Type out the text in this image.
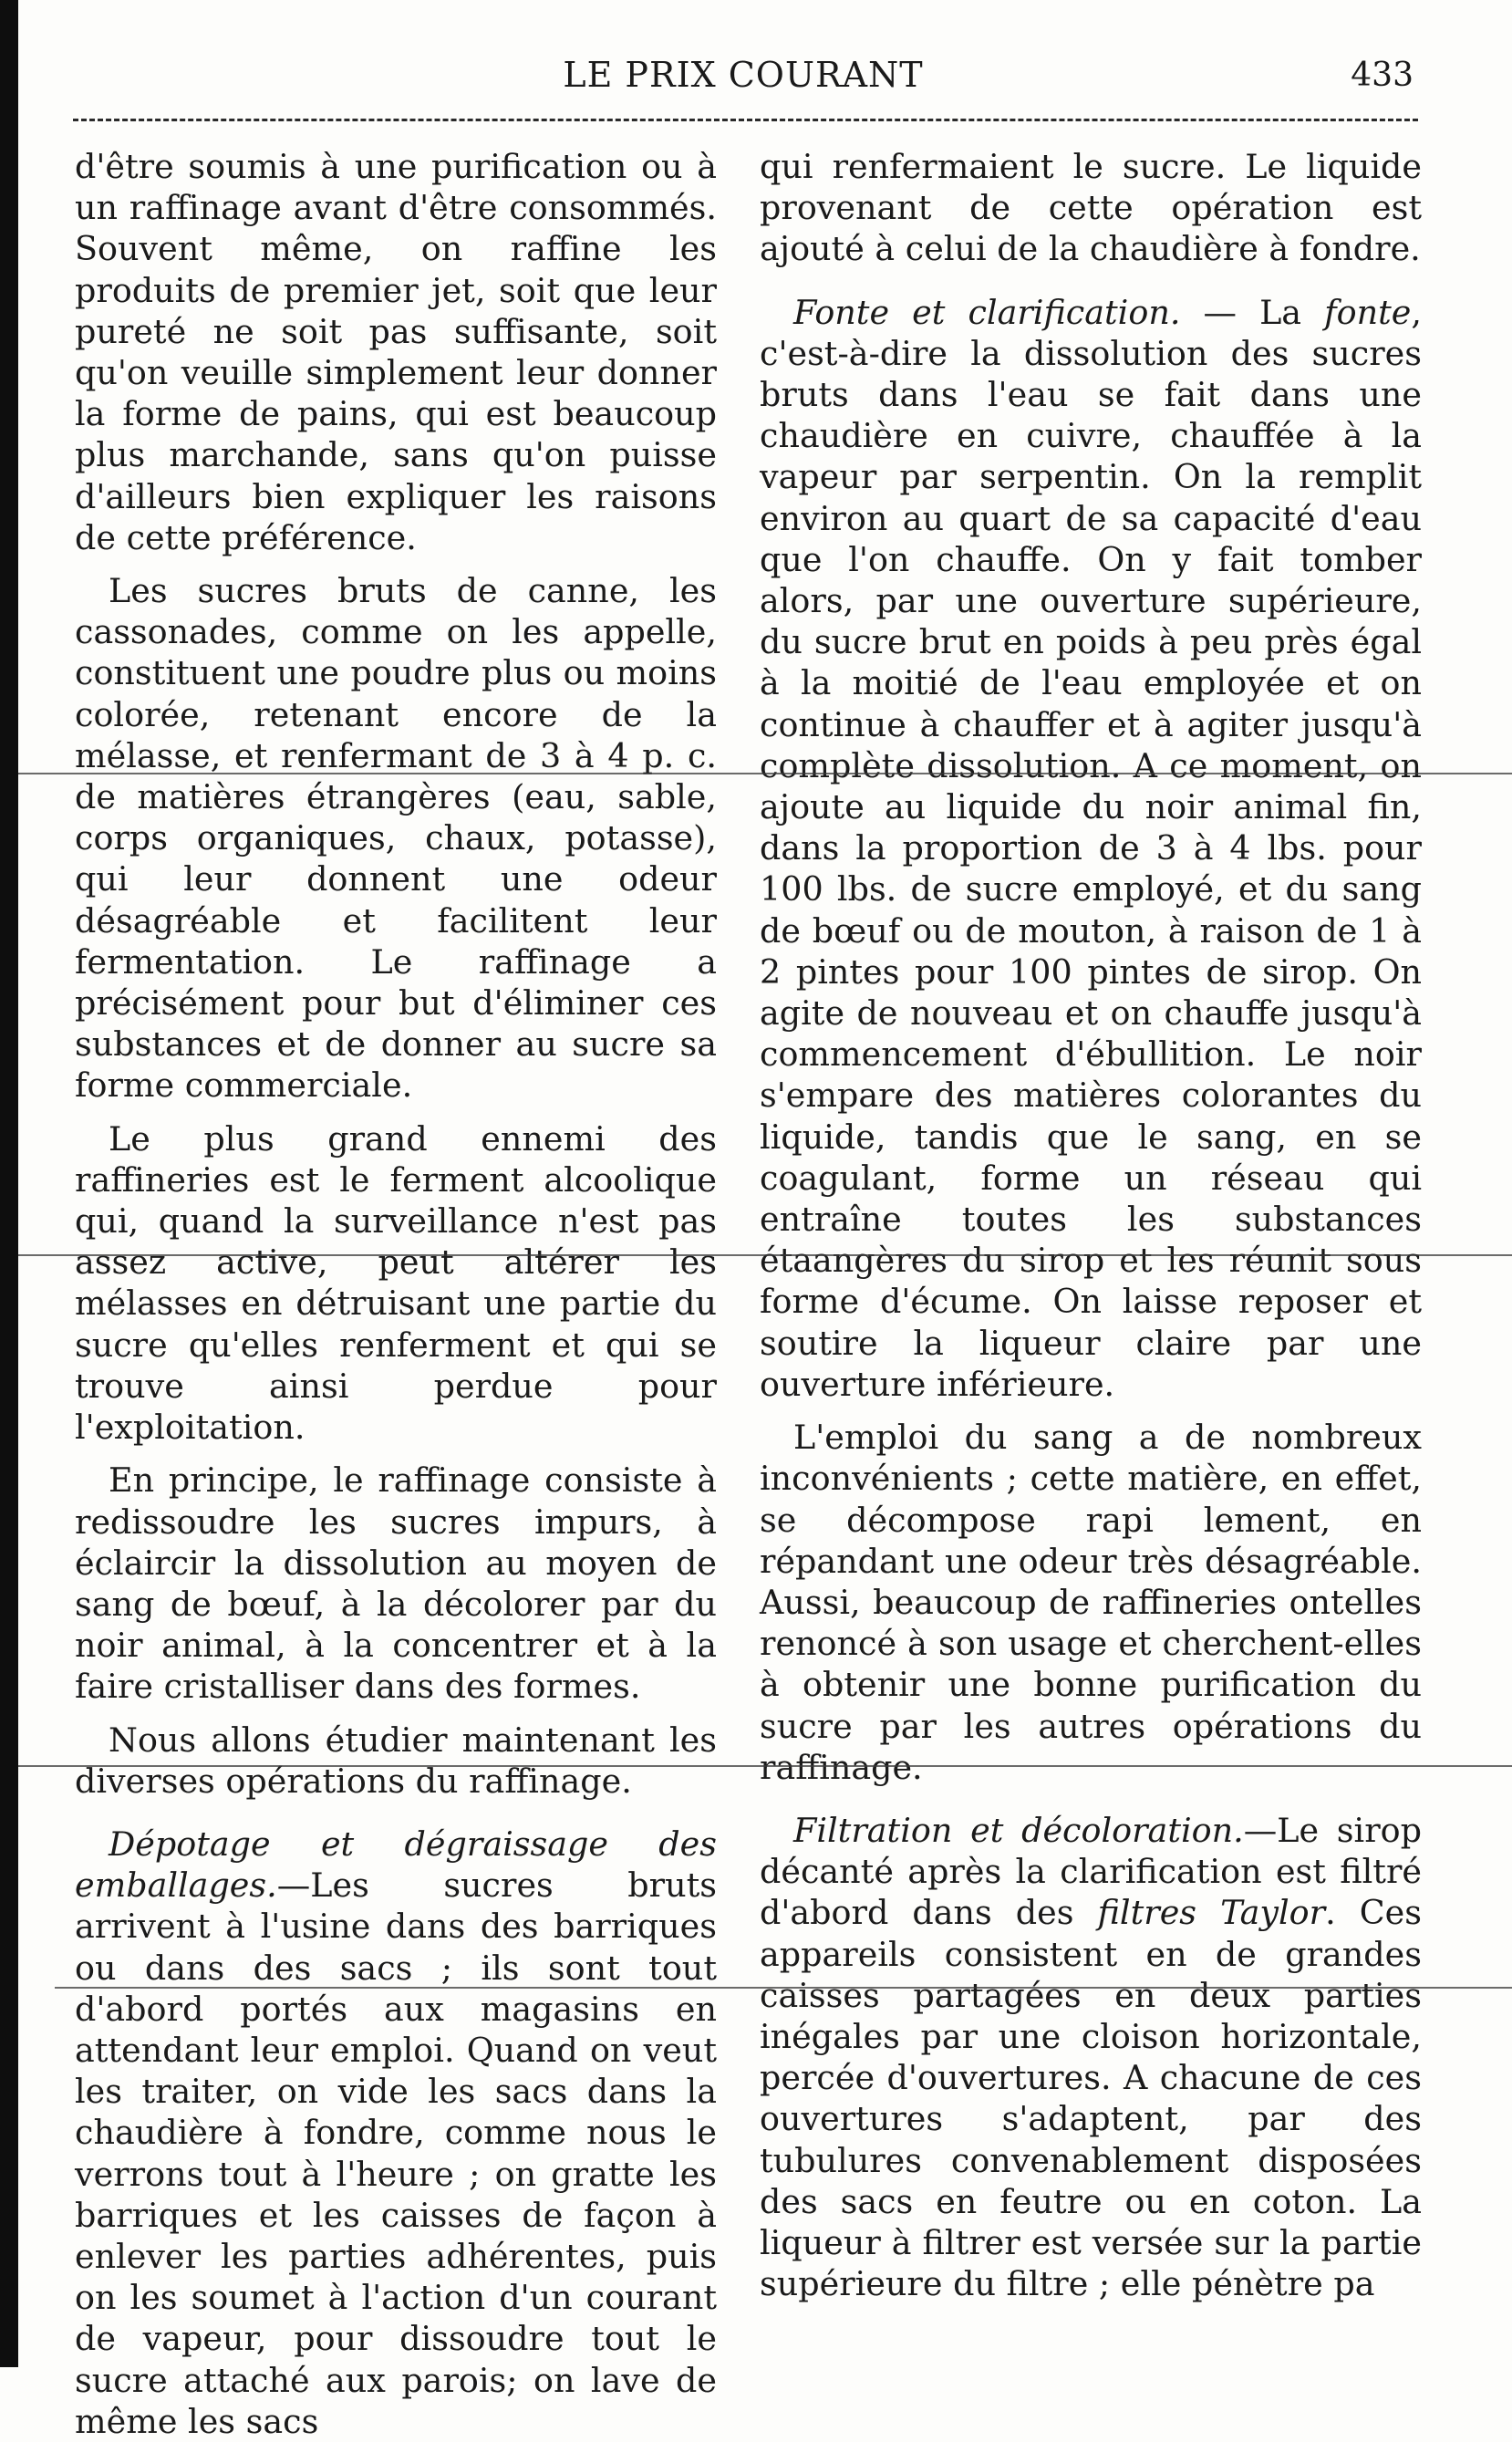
LE PRIX COURANT	433

d'être soumis à une purification ou à un raffinage avant d'être consommés. Souvent même, on raffine les produits de premier jet, soit que leur pureté ne soit pas suffisante, soit qu'on veuille simplement leur donner la forme de pains, qui est beaucoup plus marchande, sans qu'on puisse d'ailleurs bien expliquer les raisons de cette préférence.

Les sucres bruts de canne, les cassonades, comme on les appelle, constituent une poudre plus ou moins colorée, retenant encore de la mélasse, et renfermant de 3 à 4 p. c. de matières étrangères (eau, sable, corps organiques, chaux, potasse), qui leur donnent une odeur désagréable et facilitent leur fermentation. Le raffinage a précisément pour but d'éliminer ces substances et de donner au sucre sa forme commerciale.

Le plus grand ennemi des raffineries est le ferment alcoolique qui, quand la surveillance n'est pas assez active, peut altérer les mélasses en détruisant une partie du sucre qu'elles renferment et qui se trouve ainsi perdue pour l'exploitation.

En principe, le raffinage consiste à redissoudre les sucres impurs, à éclaircir la dissolution au moyen de sang de bœuf, à la décolorer par du noir animal, à la concentrer et à la faire cristalliser dans des formes.

Nous allons étudier maintenant les diverses opérations du raffinage.

Dépotage et dégraissage des emballages.—Les sucres bruts arrivent à l'usine dans des barriques ou dans des sacs ; ils sont tout d'abord portés aux magasins en attendant leur emploi. Quand on veut les traiter, on vide les sacs dans la chaudière à fondre, comme nous le verrons tout à l'heure ; on gratte les barriques et les caisses de façon à enlever les parties adhérentes, puis on les soumet à l'action d'un courant de vapeur, pour dissoudre tout le sucre attaché aux parois; on lave de même les sacs

qui renfermaient le sucre. Le liquide provenant de cette opération est ajouté à celui de la chaudière à fondre.

Fonte et clarification. — La fonte, c'est-à-dire la dissolution des sucres bruts dans l'eau se fait dans une chaudière en cuivre, chauffée à la vapeur par serpentin. On la remplit environ au quart de sa capacité d'eau que l'on chauffe. On y fait tomber alors, par une ouverture supérieure, du sucre brut en poids à peu près égal à la moitié de l'eau employée et on continue à chauffer et à agiter jusqu'à complète dissolution. A ce moment, on ajoute au liquide du noir animal fin, dans la proportion de 3 à 4 lbs. pour 100 lbs. de sucre employé, et du sang de bœuf ou de mouton, à raison de 1 à 2 pintes pour 100 pintes de sirop. On agite de nouveau et on chauffe jusqu'à commencement d'ébullition. Le noir s'empare des matières colorantes du liquide, tandis que le sang, en se coagulant, forme un réseau qui entraîne toutes les substances étaangères du sirop et les réunit sous forme d'écume. On laisse reposer et soutire la liqueur claire par une ouverture inférieure.

L'emploi du sang a de nombreux inconvénients ; cette matière, en effet, se décompose rapi lement, en répandant une odeur très désagréable. Aussi, beaucoup de raffineries ontelles renoncé à son usage et cherchent-elles à obtenir une bonne purification du sucre par les autres opérations du raffinage.

Filtration et décoloration.—Le sirop décanté après la clarification est filtré d'abord dans des filtres Taylor. Ces appareils consistent en de grandes caisses partagées en deux parties inégales par une cloison horizontale, percée d'ouvertures. A chacune de ces ouvertures s'adaptent, par des tubulures convenablement disposées des sacs en feutre ou en coton. La liqueur à filtrer est versée sur la partie supérieure du filtre ; elle pénètre pa
